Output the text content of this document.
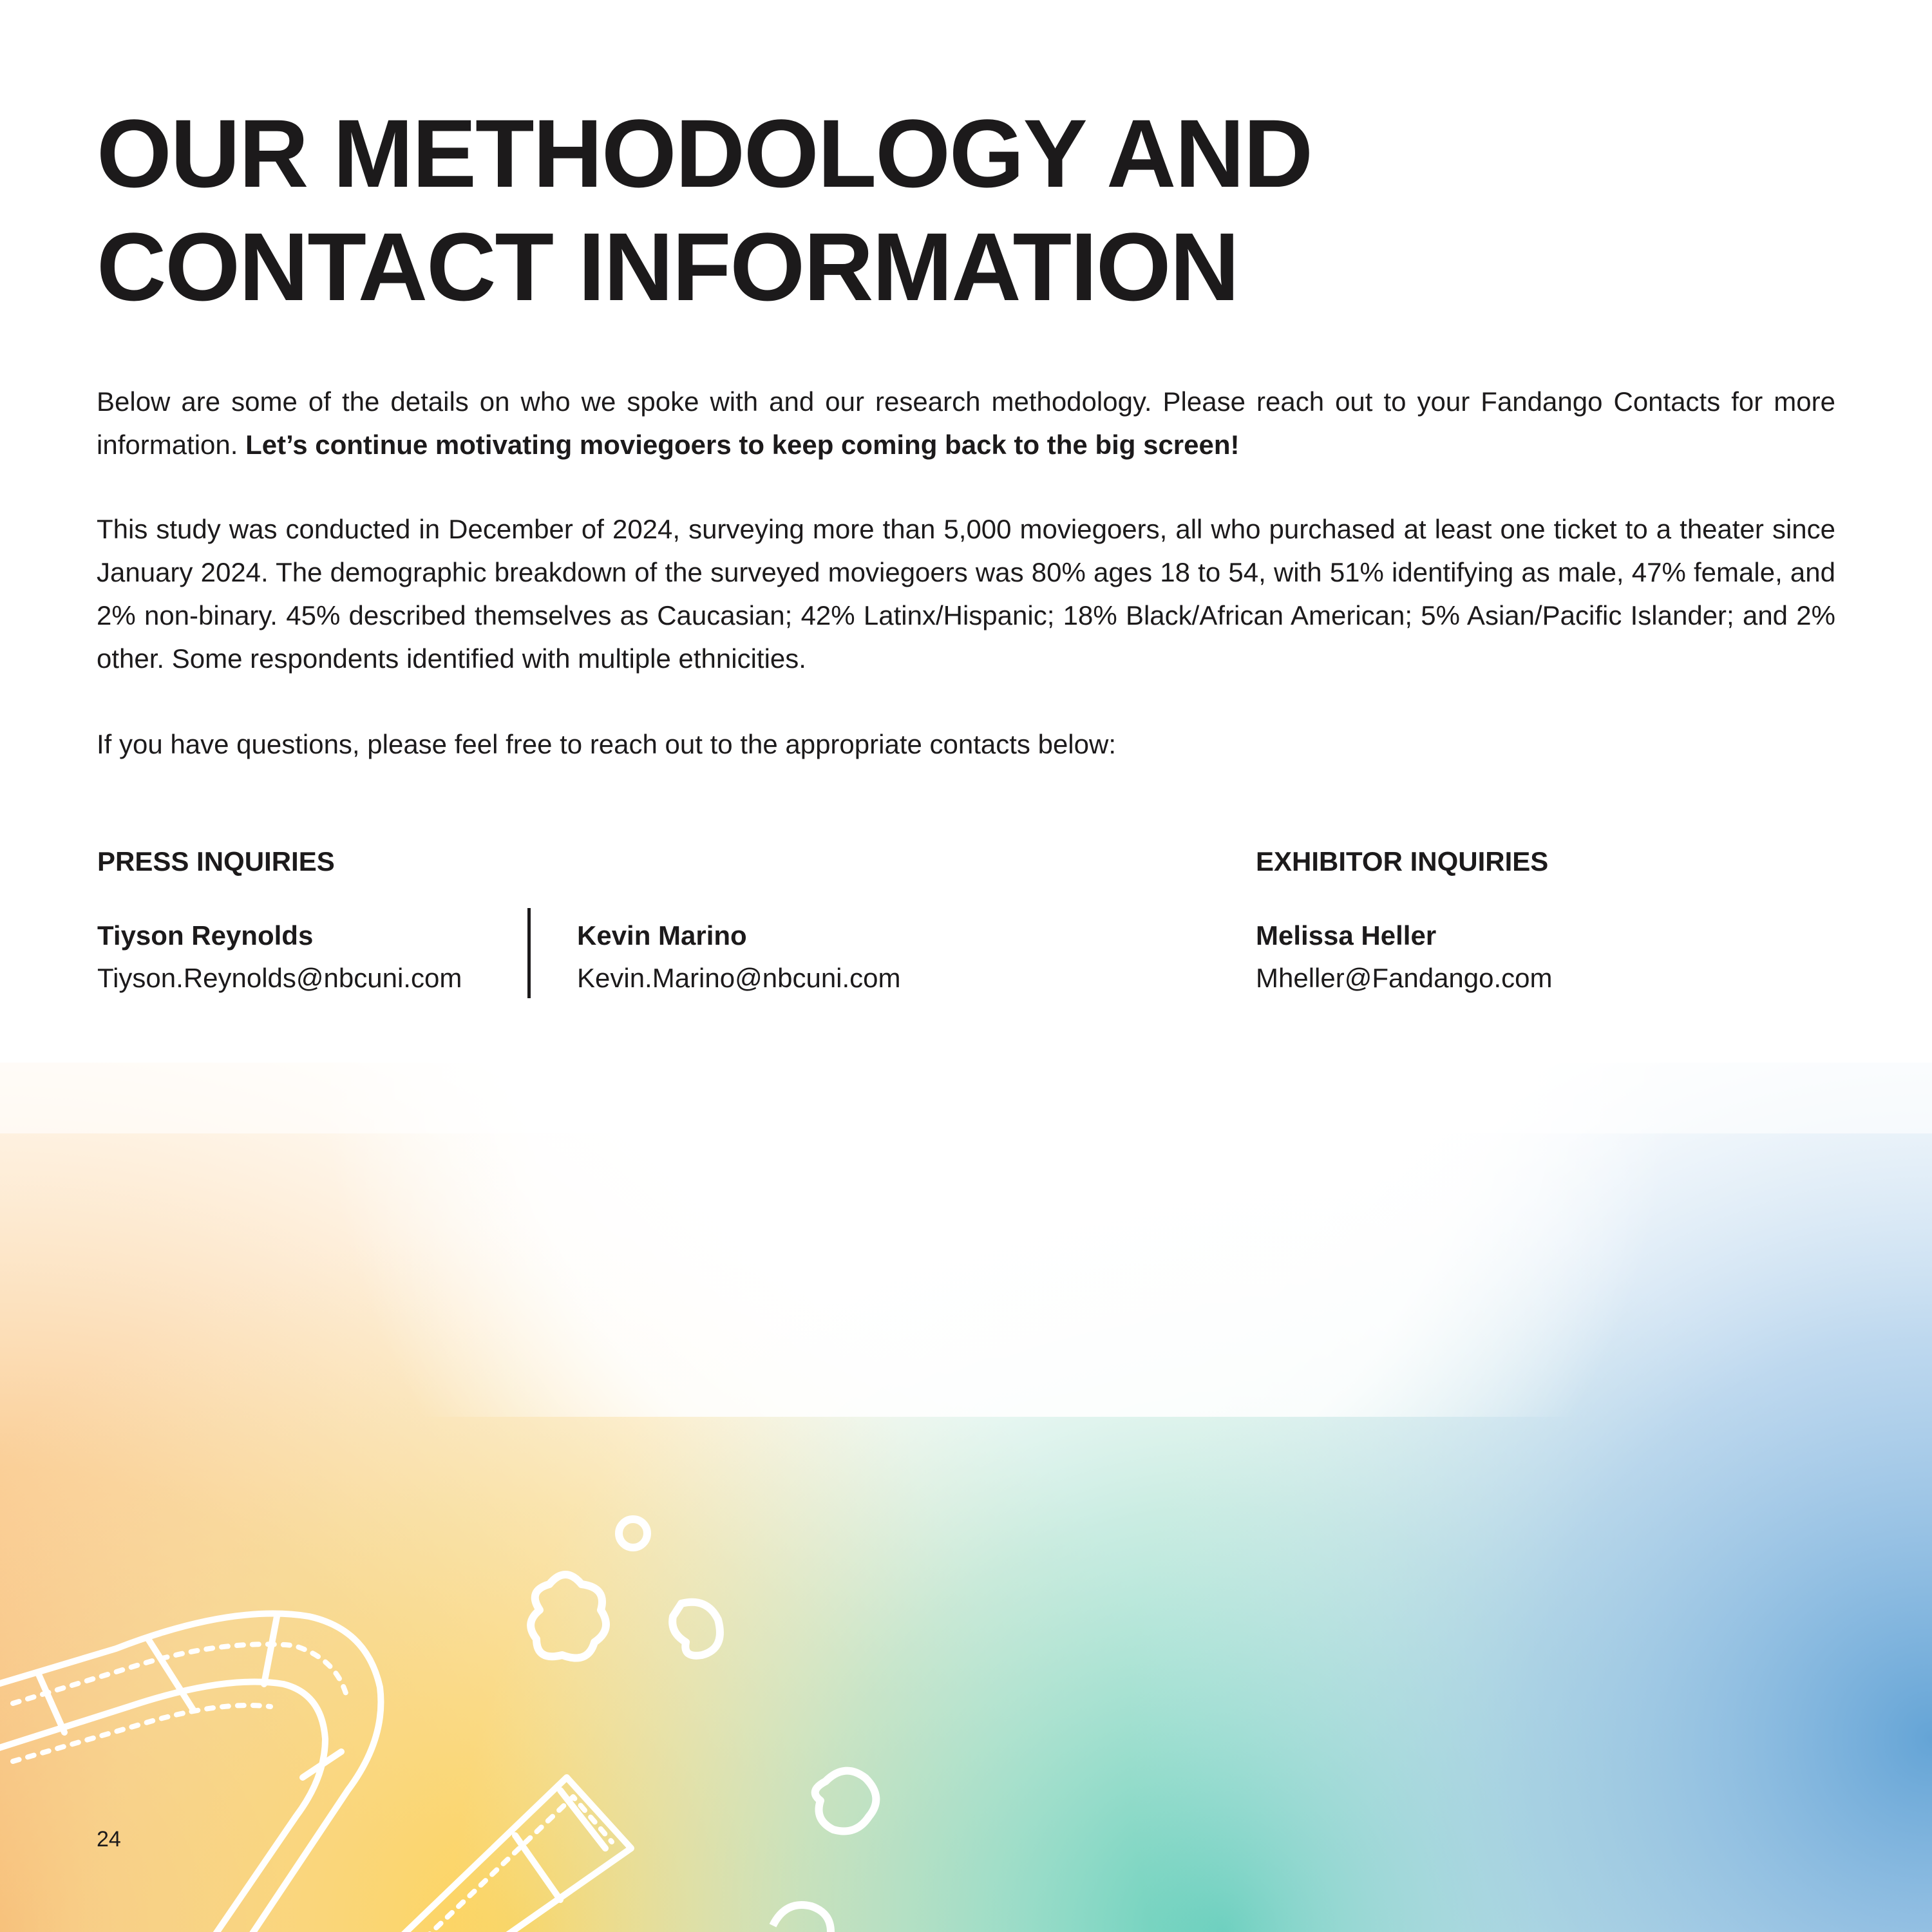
OUR METHODOLOGY AND
CONTACT INFORMATION

Below are some of the details on who we spoke with and our research methodology. Please reach out to your Fandango Contacts for more information. Let’s continue motivating moviegoers to keep coming back to the big screen!

This study was conducted in December of 2024, surveying more than 5,000 moviegoers, all who purchased at least one ticket to a theater since January 2024. The demographic breakdown of the surveyed moviegoers was 80% ages 18 to 54, with 51% identifying as male, 47% female, and 2% non-binary. 45% described themselves as Caucasian; 42% Latinx/Hispanic; 18% Black/African American; 5% Asian/Pacific Islander; and 2% other. Some respondents identified with multiple ethnicities.

If you have questions, please feel free to reach out to the appropriate contacts below:

PRESS INQUIRIES
Tiyson Reynolds
Tiyson.Reynolds@nbcuni.com
Kevin Marino
Kevin.Marino@nbcuni.com
EXHIBITOR INQUIRIES
Melissa Heller
Mheller@Fandango.com
24
